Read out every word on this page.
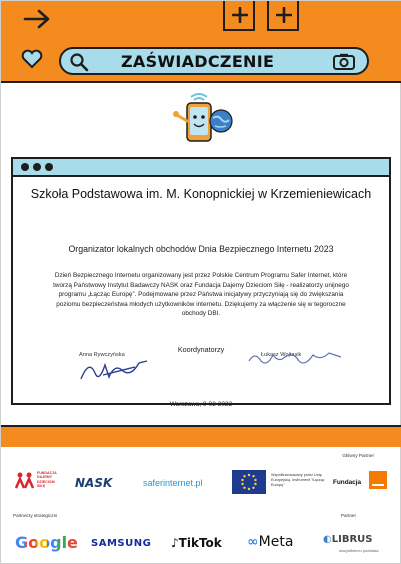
ZAŚWIADCZENIE
Szkoła Podstawowa im. M. Konopnickiej w Krzemieniewicach
Organizator lokalnych obchodów Dnia Bezpiecznego Internetu 2023
Dzień Bezpiecznego Internetu organizowany jest przez Polskie Centrum Programu Safer Internet, które tworzą Państwowy Instytut Badawczy NASK oraz Fundacja Dajemy Dzieciom Siłę - realizatorzy unijnego programu „Łącząc Europę”. Podejmowane przez Państwa inicjatywy przyczyniają się do zwiększania poziomu bezpieczeństwa młodych użytkowników internetu. Dziękujemy za włączenie się w tegoroczne obchody DBI.
Koordynatorzy
Anna Rywczyńska	Łukasz Wojtasik
Warszawa, 9-02-2023
Główny Partner
FUNDACJA DAJEMY DZIECIOM SIŁĘ	NASK	saferinternet.pl
Współfinansowany przez Unię Europejską. Instrument "Łącząc Europę"	Fundacja
Partnerzy strategiczni	Partner
Google SAMSUNG ♪TikTok ∞Meta	◐LIBRUS
wszystkiemu podołasz
